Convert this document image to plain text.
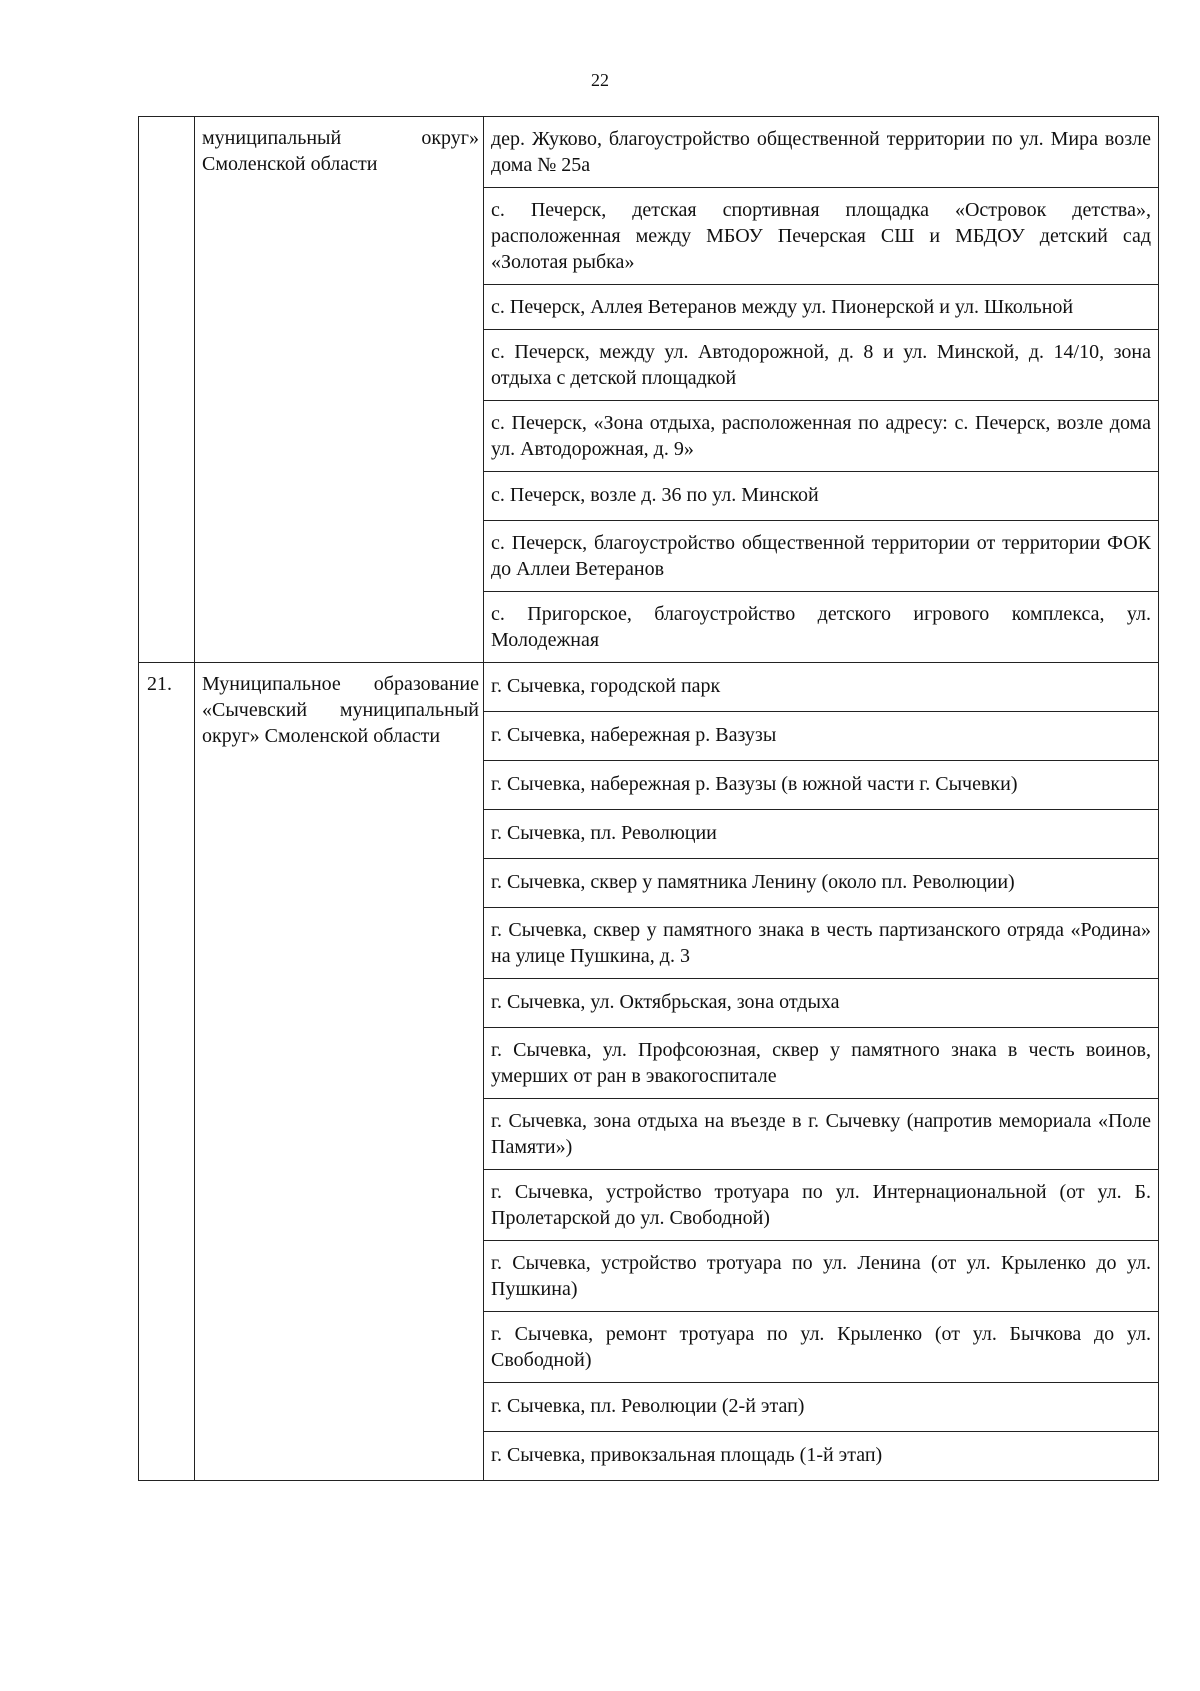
22
	муниципальный округ» Смоленской области	дер. Жуково, благоустройство общественной территории по ул. Мира возле дома № 25а
		с. Печерск, детская спортивная площадка «Островок детства», расположенная между МБОУ Печерская СШ и МБДОУ детский сад «Золотая рыбка»
		с. Печерск, Аллея Ветеранов между ул. Пионерской и ул. Школьной
		с. Печерск, между ул. Автодорожной, д. 8 и ул. Минской, д. 14/10, зона отдыха с детской площадкой
		с. Печерск, «Зона отдыха, расположенная по адресу: с. Печерск, возле дома ул. Автодорожная, д. 9»
		с. Печерск, возле д. 36 по ул. Минской
		с. Печерск, благоустройство общественной территории от территории ФОК до Аллеи Ветеранов
		с. Пригорское, благоустройство детского игрового комплекса, ул. Молодежная
21.	Муниципальное образование «Сычевский муниципальный округ» Смоленской области	г. Сычевка, городской парк
		г. Сычевка, набережная р. Вазузы
		г. Сычевка, набережная р. Вазузы (в южной части г. Сычевки)
		г. Сычевка, пл. Революции
		г. Сычевка, сквер у памятника Ленину (около пл. Революции)
		г. Сычевка, сквер у памятного знака в честь партизанского отряда «Родина» на улице Пушкина, д. 3
		г. Сычевка, ул. Октябрьская, зона отдыха
		г. Сычевка, ул. Профсоюзная, сквер у памятного знака в честь воинов, умерших от ран в эвакогоспитале
		г. Сычевка, зона отдыха на въезде в г. Сычевку (напротив мемориала «Поле Памяти»)
		г. Сычевка, устройство тротуара по ул. Интернациональной (от ул. Б. Пролетарской до ул. Свободной)
		г. Сычевка, устройство тротуара по ул. Ленина (от ул. Крыленко до ул. Пушкина)
		г. Сычевка, ремонт тротуара по ул. Крыленко (от ул. Бычкова до ул. Свободной)
		г. Сычевка, пл. Революции (2-й этап)
		г. Сычевка, привокзальная площадь (1-й этап)
